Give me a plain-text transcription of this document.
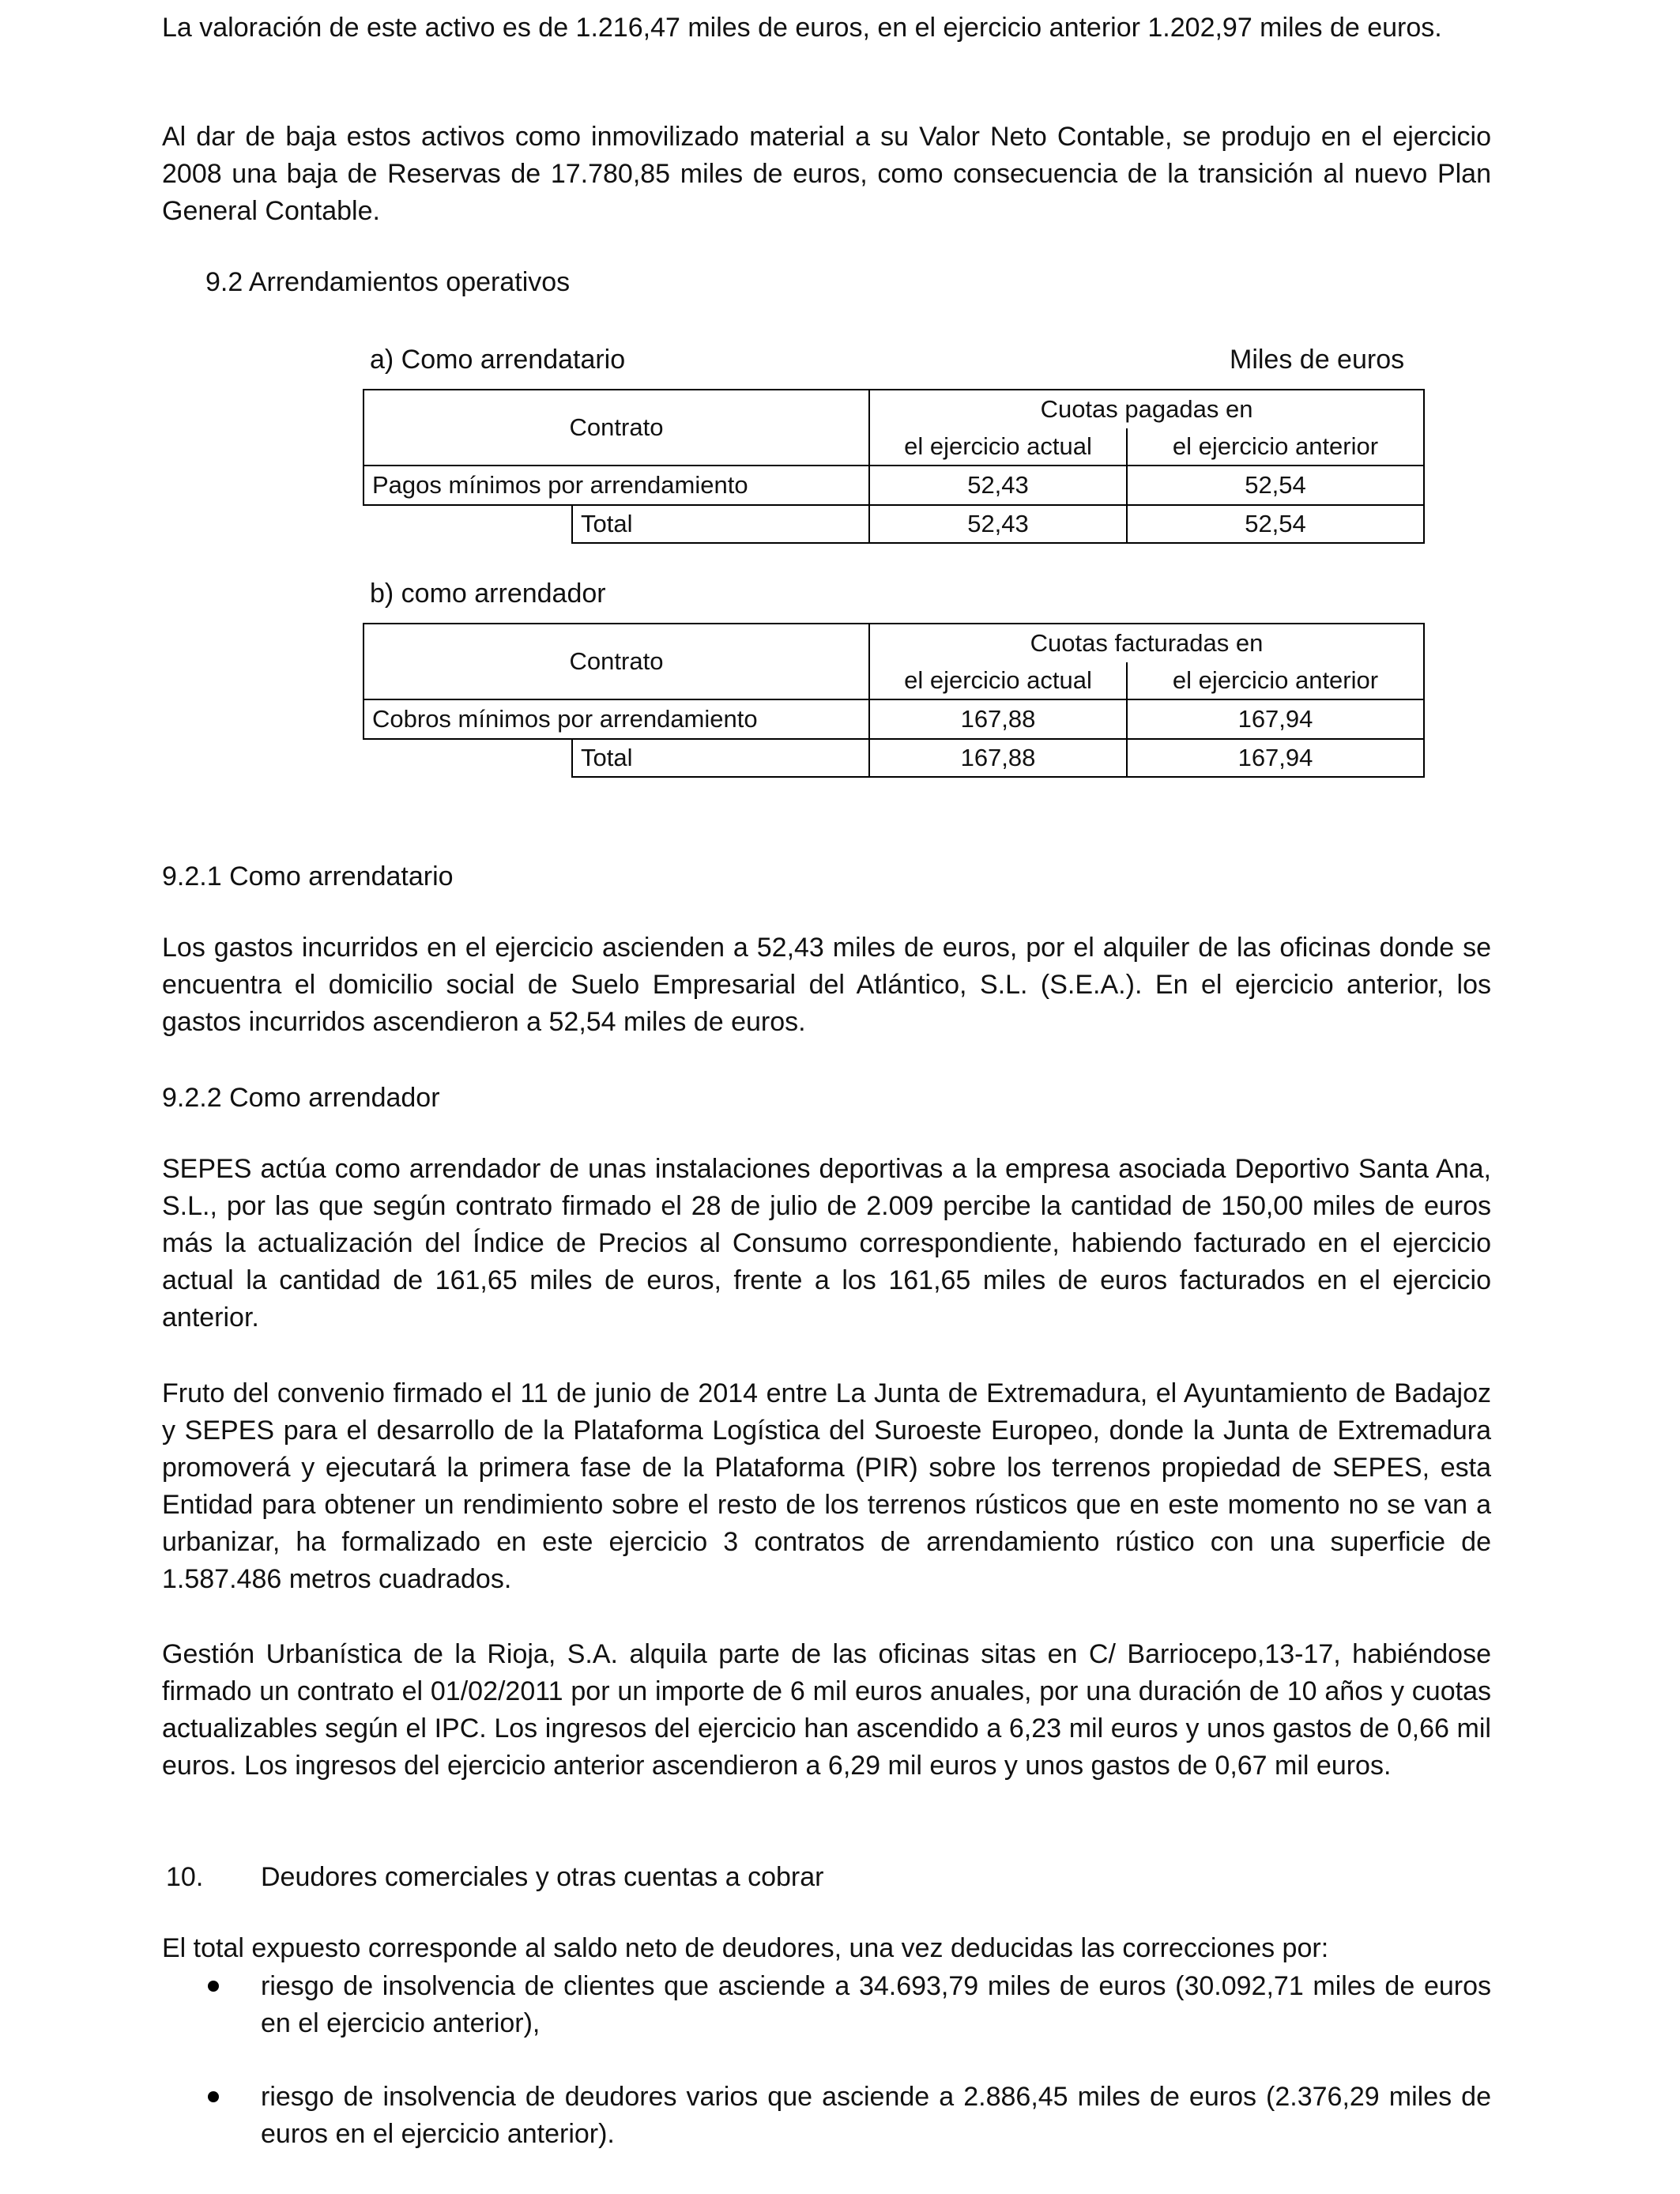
La valoración de este activo es de 1.216,47 miles de euros, en el ejercicio anterior 1.202,97 miles de euros.

Al dar de baja estos activos como inmovilizado material a su Valor Neto Contable, se produjo en el ejercicio 2008 una baja de Reservas de 17.780,85 miles de euros, como consecuencia de la transición al nuevo Plan General Contable.

9.2 Arrendamientos operativos

a) Como arrendatario	Miles de euros

Contrato		Cuotas pagadas en	
		el ejercicio actual	el ejercicio anterior
Pagos mínimos por arrendamiento		52,43	52,54
	Total	52,43	52,54

b) como arrendador

Contrato		Cuotas facturadas en	
		el ejercicio actual	el ejercicio anterior
Cobros mínimos por arrendamiento		167,88	167,94
	Total	167,88	167,94

9.2.1 Como arrendatario

Los gastos incurridos en el ejercicio ascienden a 52,43 miles de euros, por el alquiler de las oficinas donde se encuentra el domicilio social de Suelo Empresarial del Atlántico, S.L. (S.E.A.). En el ejercicio anterior, los gastos incurridos ascendieron a 52,54 miles de euros.

9.2.2 Como arrendador

SEPES actúa como arrendador de unas instalaciones deportivas a la empresa asociada Deportivo Santa Ana, S.L., por las que según contrato firmado el 28 de julio de 2.009 percibe la cantidad de 150,00 miles de euros más la actualización del Índice de Precios al Consumo correspondiente, habiendo facturado en el ejercicio actual la cantidad de 161,65 miles de euros, frente a los 161,65 miles de euros facturados en el ejercicio anterior.

Fruto del convenio firmado el 11 de junio de 2014 entre La Junta de Extremadura, el Ayuntamiento de Badajoz y SEPES para el desarrollo de la Plataforma Logística del Suroeste Europeo, donde la Junta de Extremadura promoverá y ejecutará la primera fase de la Plataforma (PIR) sobre los terrenos propiedad de SEPES, esta Entidad para obtener un rendimiento sobre el resto de los terrenos rústicos que en este momento no se van a urbanizar, ha formalizado en este ejercicio 3 contratos de arrendamiento rústico con una superficie de 1.587.486 metros cuadrados.

Gestión Urbanística de la Rioja, S.A. alquila parte de las oficinas sitas en C/ Barriocepo,13-17, habiéndose firmado un contrato el 01/02/2011 por un importe de 6 mil euros anuales, por una duración de 10 años y cuotas actualizables según el IPC. Los ingresos del ejercicio han ascendido a 6,23 mil euros y unos gastos de 0,66 mil euros. Los ingresos del ejercicio anterior ascendieron a 6,29 mil euros y unos gastos de 0,67 mil euros.

10. Deudores comerciales y otras cuentas a cobrar

El total expuesto corresponde al saldo neto de deudores, una vez deducidas las correcciones por:

riesgo de insolvencia de clientes que asciende a 34.693,79 miles de euros (30.092,71 miles de euros en el ejercicio anterior),
riesgo de insolvencia de deudores varios que asciende a 2.886,45 miles de euros (2.376,29 miles de euros en el ejercicio anterior).
